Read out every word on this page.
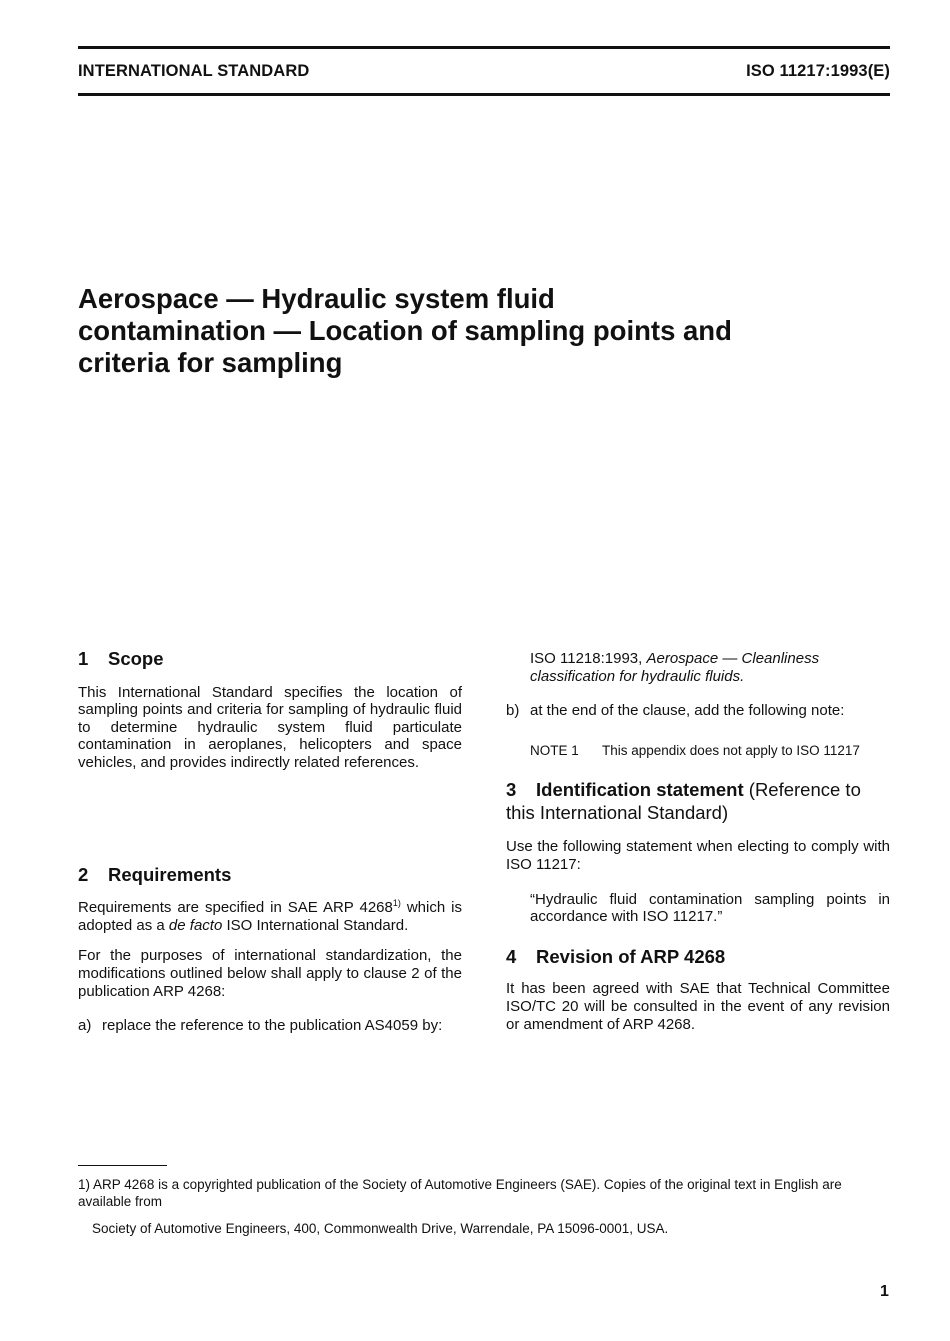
INTERNATIONAL STANDARD	ISO 11217:1993(E)
Aerospace — Hydraulic system fluid
contamination — Location of sampling points and
criteria for sampling
1 Scope

This International Standard specifies the location of sampling points and criteria for sampling of hydraulic fluid to determine hydraulic system fluid particulate contamination in aeroplanes, helicopters and space vehicles, and provides indirectly related references.

2 Requirements

Requirements are specified in SAE ARP 4268$^{1)}$ which is adopted as a de facto ISO International Standard.

For the purposes of international standardization, the modifications outlined below shall apply to clause 2 of the publication ARP 4268:

a) replace the reference to the publication AS4059 by:

ISO 11218:1993, Aerospace — Cleanliness classification for hydraulic fluids.

b) at the end of the clause, add the following note:
NOTE 1 This appendix does not apply to ISO 11217
3 Identification statement (Reference to this International Standard)

Use the following statement when electing to comply with ISO 11217:

“Hydraulic fluid contamination sampling points in accordance with ISO 11217.”

4 Revision of ARP 4268

It has been agreed with SAE that Technical Committee ISO/TC 20 will be consulted in the event of any revision or amendment of ARP 4268.

1) ARP 4268 is a copyrighted publication of the Society of Automotive Engineers (SAE). Copies of the original text in English are available from
Society of Automotive Engineers, 400, Commonwealth Drive, Warrendale, PA 15096-0001, USA.
1
